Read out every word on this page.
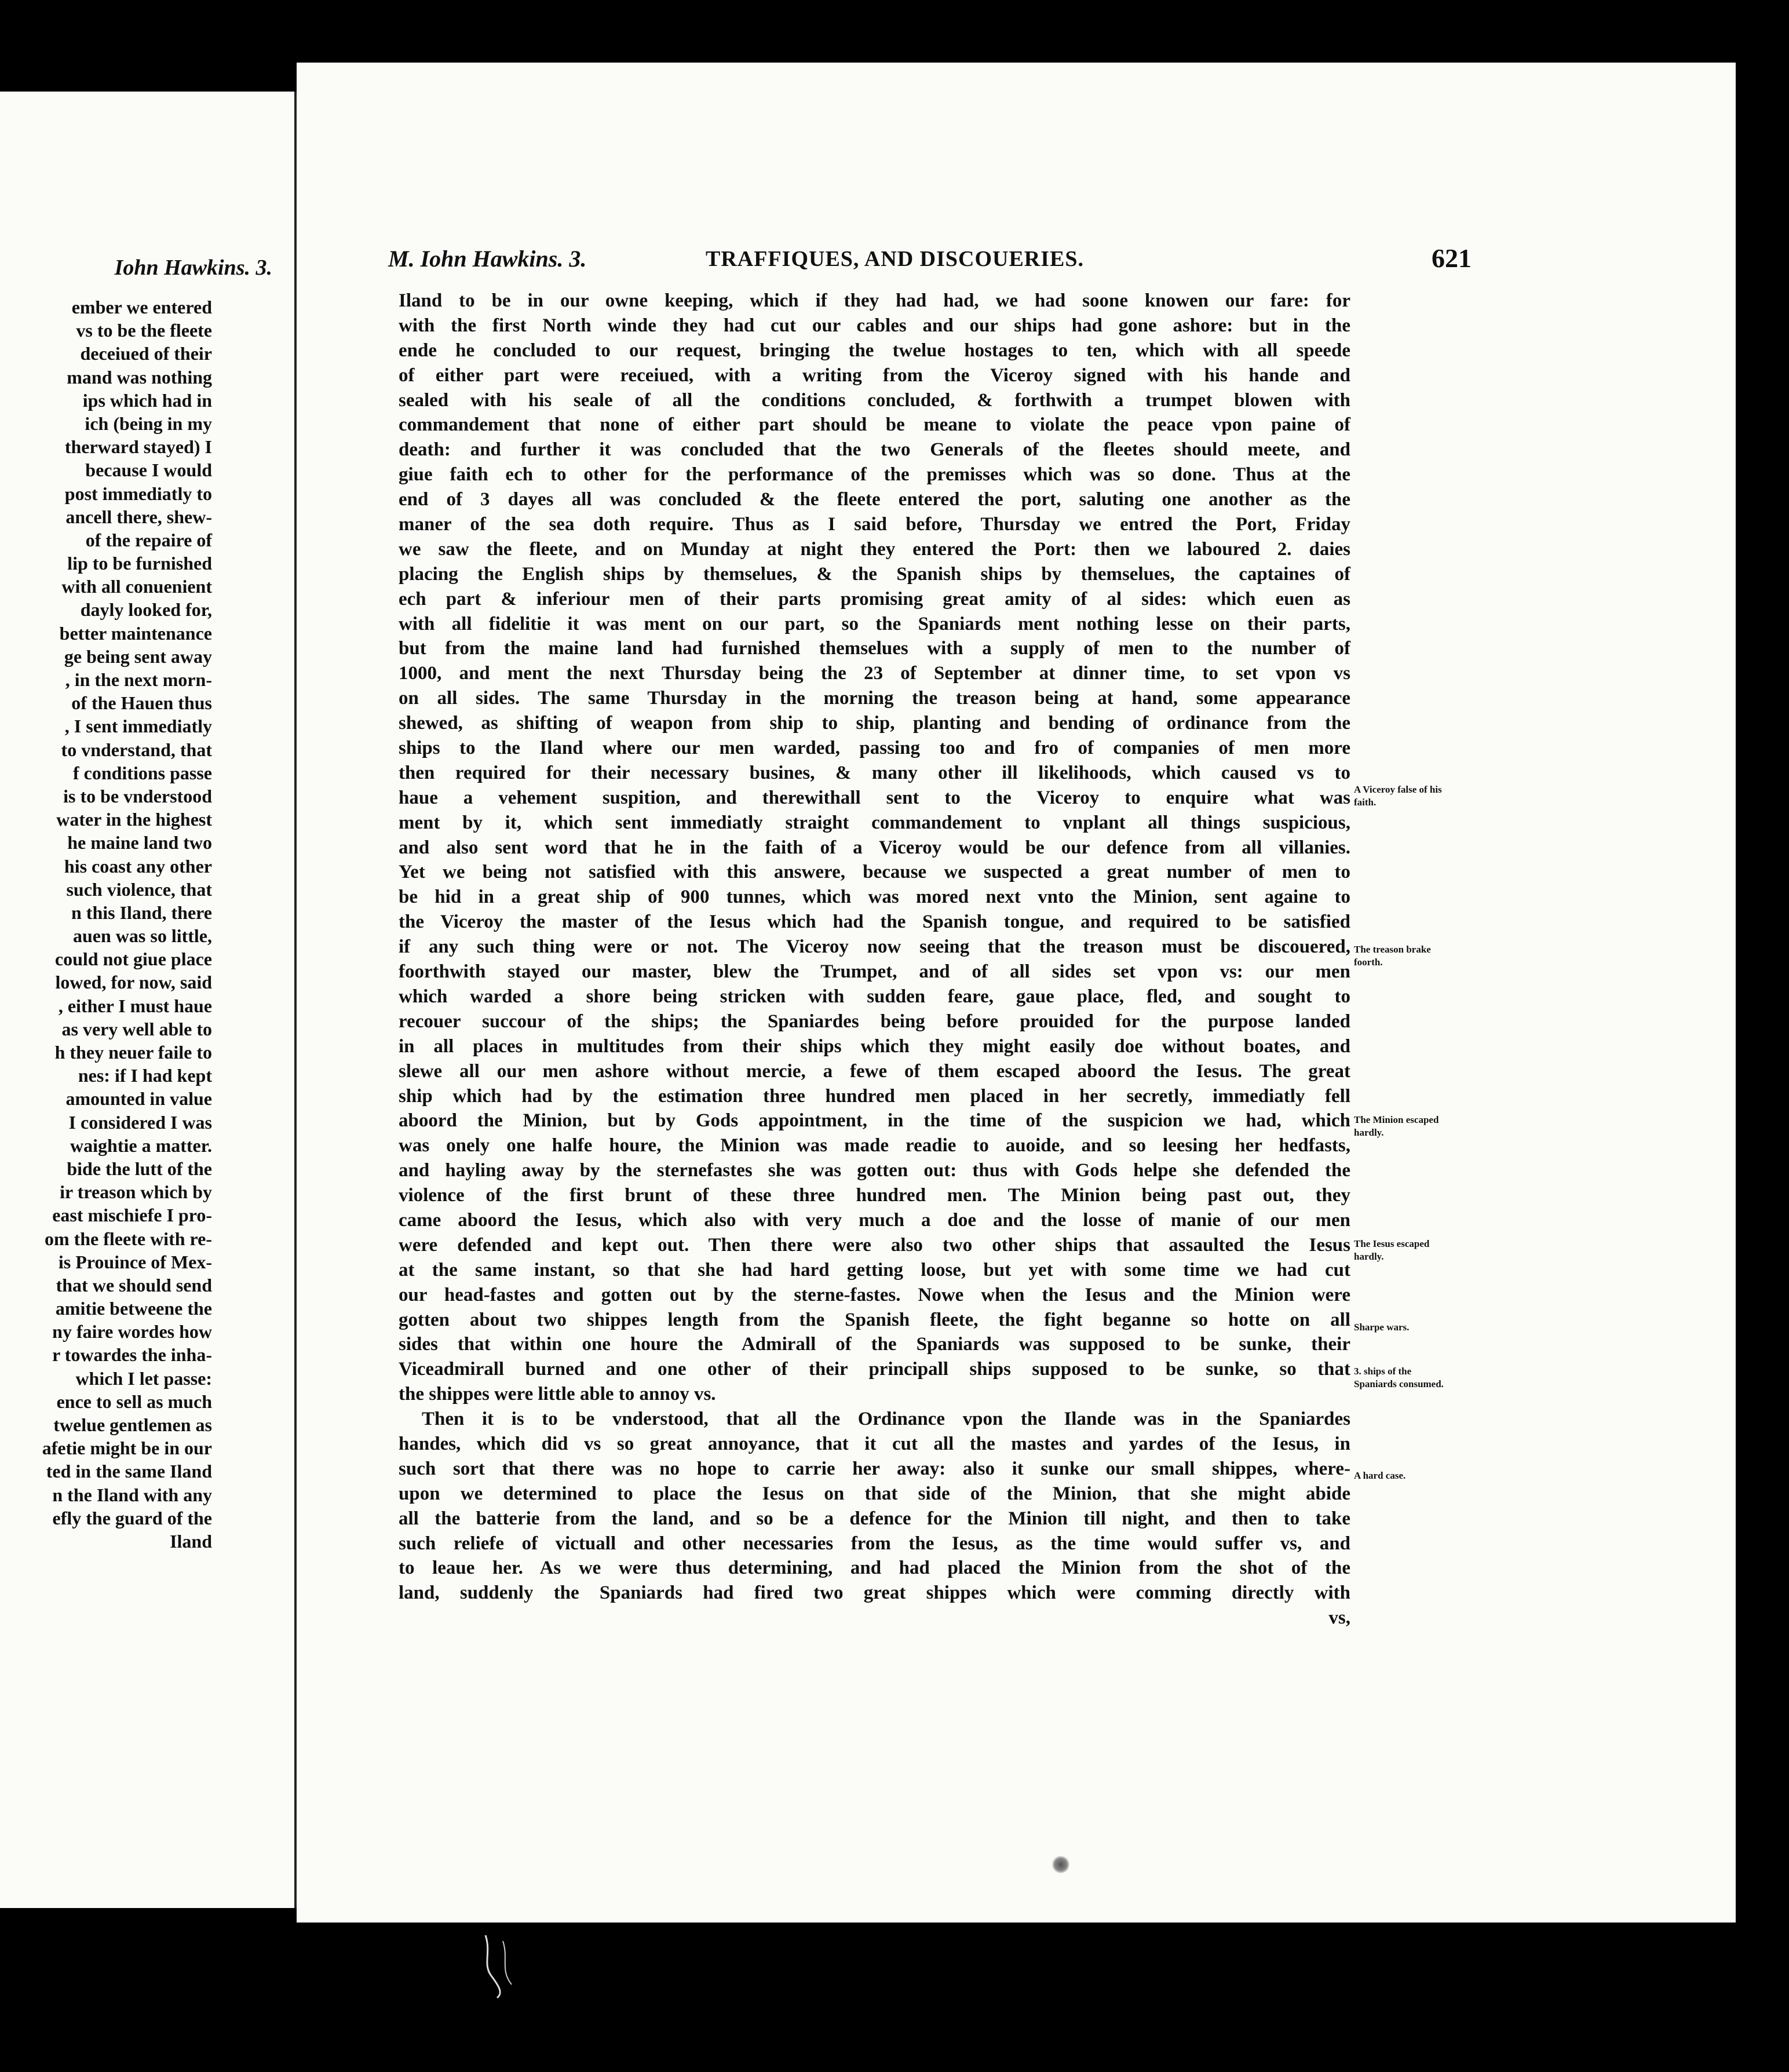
Iohn Hawkins. 3.
ember we entered
vs to be the fleete
deceiued of their
mand was nothing
ips which had in
ich (being in my
therward stayed) I
because I would
post immediatly to
ancell there, shew-
of the repaire of
lip to be furnished
with all conuenient
dayly looked for,
better maintenance
ge being sent away
, in the next morn-
of the Hauen thus
, I sent immediatly
to vnderstand, that
f conditions passe
is to be vnderstood
water in the highest
he maine land two
his coast any other
such violence, that
n this Iland, there
auen was so little,
could not giue place
lowed, for now, said
, either I must haue
as very well able to
h they neuer faile to
nes: if I had kept
amounted in value
I considered I was
waightie a matter.
bide the lutt of the
ir treason which by
east mischiefe I pro-
om the fleete with re-
is Prouince of Mex-
that we should send
amitie betweene the
ny faire wordes how
r towardes the inha-
which I let passe:
ence to sell as much
twelue gentlemen as
afetie might be in our
ted in the same Iland
n the Iland with any
efly the guard of the
Iland
M. Iohn Hawkins. 3.	TRAFFIQUES, AND DISCOUERIES.	621
Iland to be in our owne keeping, which if they had had, we had soone knowen our fare: for
with the first North winde they had cut our cables and our ships had gone ashore: but in the
ende he concluded to our request, bringing the twelue hostages to ten, which with all speede
of either part were receiued, with a writing from the Viceroy signed with his hande and
sealed with his seale of all the conditions concluded, & forthwith a trumpet blowen with
commandement that none of either part should be meane to violate the peace vpon paine of
death: and further it was concluded that the two Generals of the fleetes should meete, and
giue faith ech to other for the performance of the premisses which was so done. Thus at the
end of 3 dayes all was concluded & the fleete entered the port, saluting one another as the
maner of the sea doth require. Thus as I said before, Thursday we entred the Port, Friday
we saw the fleete, and on Munday at night they entered the Port: then we laboured 2. daies
placing the English ships by themselues, & the Spanish ships by themselues, the captaines of
ech part & inferiour men of their parts promising great amity of al sides: which euen as
with all fidelitie it was ment on our part, so the Spaniards ment nothing lesse on their parts,
but from the maine land had furnished themselues with a supply of men to the number of
1000, and ment the next Thursday being the 23 of September at dinner time, to set vpon vs
on all sides. The same Thursday in the morning the treason being at hand, some appearance
shewed, as shifting of weapon from ship to ship, planting and bending of ordinance from the
ships to the Iland where our men warded, passing too and fro of companies of men more
then required for their necessary busines, & many other ill likelihoods, which caused vs to
haue a vehement suspition, and therewithall sent to the Viceroy to enquire what was
ment by it, which sent immediatly straight commandement to vnplant all things suspicious,
and also sent word that he in the faith of a Viceroy would be our defence from all villanies.
Yet we being not satisfied with this answere, because we suspected a great number of men to
be hid in a great ship of 900 tunnes, which was mored next vnto the Minion, sent againe to
the Viceroy the master of the Iesus which had the Spanish tongue, and required to be satisfied
if any such thing were or not. The Viceroy now seeing that the treason must be discouered,
foorthwith stayed our master, blew the Trumpet, and of all sides set vpon vs: our men
which warded a shore being stricken with sudden feare, gaue place, fled, and sought to
recouer succour of the ships; the Spaniardes being before prouided for the purpose landed
in all places in multitudes from their ships which they might easily doe without boates, and
slewe all our men ashore without mercie, a fewe of them escaped aboord the Iesus. The great
ship which had by the estimation three hundred men placed in her secretly, immediatly fell
aboord the Minion, but by Gods appointment, in the time of the suspicion we had, which
was onely one halfe houre, the Minion was made readie to auoide, and so leesing her hedfasts,
and hayling away by the sternefastes she was gotten out: thus with Gods helpe she defended the
violence of the first brunt of these three hundred men. The Minion being past out, they
came aboord the Iesus, which also with very much a doe and the losse of manie of our men
were defended and kept out. Then there were also two other ships that assaulted the Iesus
at the same instant, so that she had hard getting loose, but yet with some time we had cut
our head-fastes and gotten out by the sterne-fastes. Nowe when the Iesus and the Minion were
gotten about two shippes length from the Spanish fleete, the fight beganne so hotte on all
sides that within one houre the Admirall of the Spaniards was supposed to be sunke, their
Viceadmirall burned and one other of their principall ships supposed to be sunke, so that
the shippes were little able to annoy vs.
Then it is to be vnderstood, that all the Ordinance vpon the Ilande was in the Spaniardes
handes, which did vs so great annoyance, that it cut all the mastes and yardes of the Iesus, in
such sort that there was no hope to carrie her away: also it sunke our small shippes, where-
upon we determined to place the Iesus on that side of the Minion, that she might abide
all the batterie from the land, and so be a defence for the Minion till night, and then to take
such reliefe of victuall and other necessaries from the Iesus, as the time would suffer vs, and
to leaue her. As we were thus determining, and had placed the Minion from the shot of the
land, suddenly the Spaniards had fired two great shippes which were comming directly with
vs,
A Viceroy false of his faith.
The treason brake foorth.
The Minion escaped hardly.
The Iesus escaped hardly.
Sharpe wars.
3. ships of the Spaniards consumed.
A hard case.
